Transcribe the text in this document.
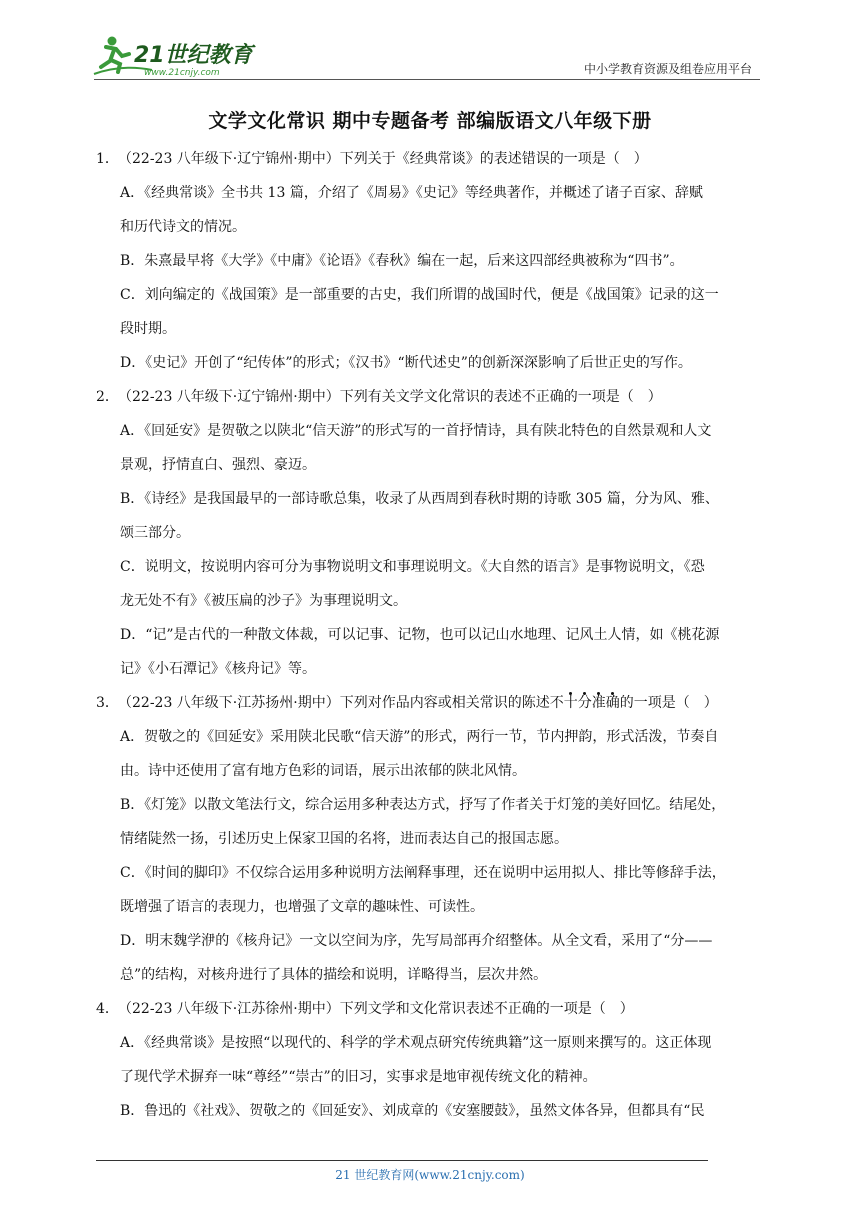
21世纪教育
www.21cnjy.com	中小学教育资源及组卷应用平台
文学文化常识 期中专题备考 部编版语文八年级下册
1．（22-23 八年级下·辽宁锦州·期中）下列关于《经典常谈》的表述错误的一项是（　）
A．《经典常谈》全书共 13 篇，介绍了《周易》《史记》等经典著作，并概述了诸子百家、辞赋
和历代诗文的情况。
B．朱熹最早将《大学》《中庸》《论语》《春秋》编在一起，后来这四部经典被称为“四书”。
C．刘向编定的《战国策》是一部重要的古史，我们所谓的战国时代，便是《战国策》记录的这一
段时期。
D．《史记》开创了“纪传体”的形式；《汉书》“断代述史”的创新深深影响了后世正史的写作。
2．（22-23 八年级下·辽宁锦州·期中）下列有关文学文化常识的表述不正确的一项是（　）
A．《回延安》是贺敬之以陕北“信天游”的形式写的一首抒情诗，具有陕北特色的自然景观和人文
景观，抒情直白、强烈、豪迈。
B．《诗经》是我国最早的一部诗歌总集，收录了从西周到春秋时期的诗歌 305 篇，分为风、雅、
颂三部分。
C．说明文，按说明内容可分为事物说明文和事理说明文。《大自然的语言》是事物说明文，《恐
龙无处不有》《被压扁的沙子》为事理说明文。
D．“记”是古代的一种散文体裁，可以记事、记物，也可以记山水地理、记风土人情，如《桃花源
记》《小石潭记》《核舟记》等。
3．（22-23 八年级下·江苏扬州·期中）下列对作品内容或相关常识的陈述不十分准确的一项是（　）
A．贺敬之的《回延安》采用陕北民歌“信天游”的形式，两行一节，节内押韵，形式活泼，节奏自
由。诗中还使用了富有地方色彩的词语，展示出浓郁的陕北风情。
B．《灯笼》以散文笔法行文，综合运用多种表达方式，抒写了作者关于灯笼的美好回忆。结尾处，
情绪陡然一扬，引述历史上保家卫国的名将，进而表达自己的报国志愿。
C．《时间的脚印》不仅综合运用多种说明方法阐释事理，还在说明中运用拟人、排比等修辞手法，
既增强了语言的表现力，也增强了文章的趣味性、可读性。
D．明末魏学洢的《核舟记》一文以空间为序，先写局部再介绍整体。从全文看，采用了“分——
总”的结构，对核舟进行了具体的描绘和说明，详略得当，层次井然。
4．（22-23 八年级下·江苏徐州·期中）下列文学和文化常识表述不正确的一项是（　）
A．《经典常谈》是按照“以现代的、科学的学术观点研究传统典籍”这一原则来撰写的。这正体现
了现代学术摒弃一味“尊经”“崇古”的旧习，实事求是地审视传统文化的精神。
B．鲁迅的《社戏》、贺敬之的《回延安》、刘成章的《安塞腰鼓》，虽然文体各异，但都具有“民
21 世纪教育网(www.21cnjy.com)
